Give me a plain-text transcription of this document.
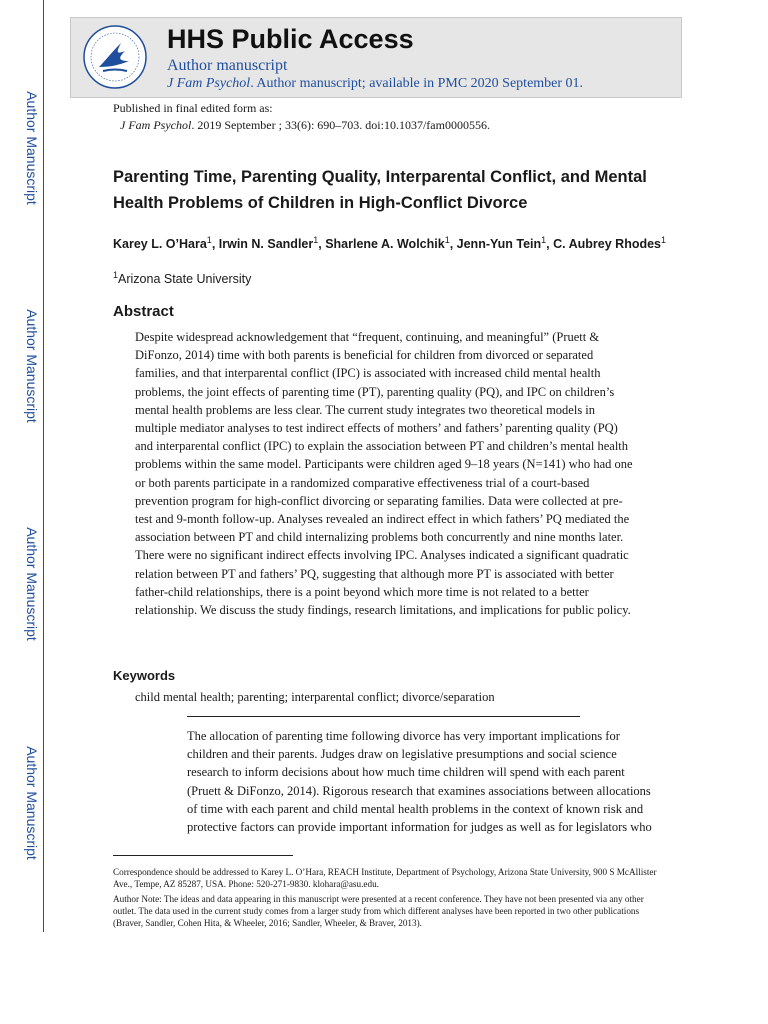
Author Manuscript
Author Manuscript
Author Manuscript
Author Manuscript
HHS Public Access
Author manuscript
J Fam Psychol. Author manuscript; available in PMC 2020 September 01.
Published in final edited form as:
J Fam Psychol. 2019 September ; 33(6): 690–703. doi:10.1037/fam0000556.
Parenting Time, Parenting Quality, Interparental Conflict, and Mental Health Problems of Children in High-Conflict Divorce
Karey L. O’Hara$^1$, Irwin N. Sandler$^1$, Sharlene A. Wolchik$^1$, Jenn-Yun Tein$^1$, C. Aubrey Rhodes$^1$
$^1$Arizona State University
Abstract
Despite widespread acknowledgement that “frequent, continuing, and meaningful” (Pruett & DiFonzo, 2014) time with both parents is beneficial for children from divorced or separated families, and that interparental conflict (IPC) is associated with increased child mental health problems, the joint effects of parenting time (PT), parenting quality (PQ), and IPC on children’s mental health problems are less clear. The current study integrates two theoretical models in multiple mediator analyses to test indirect effects of mothers’ and fathers’ parenting quality (PQ) and interparental conflict (IPC) to explain the association between PT and children’s mental health problems within the same model. Participants were children aged 9–18 years (N=141) who had one or both parents participate in a randomized comparative effectiveness trial of a court-based prevention program for high-conflict divorcing or separating families. Data were collected at pre-test and 9-month follow-up. Analyses revealed an indirect effect in which fathers’ PQ mediated the association between PT and child internalizing problems both concurrently and nine months later. There were no significant indirect effects involving IPC. Analyses indicated a significant quadratic relation between PT and fathers’ PQ, suggesting that although more PT is associated with better father-child relationships, there is a point beyond which more time is not related to a better relationship. We discuss the study findings, research limitations, and implications for public policy.
Keywords
child mental health; parenting; interparental conflict; divorce/separation
The allocation of parenting time following divorce has very important implications for children and their parents. Judges draw on legislative presumptions and social science research to inform decisions about how much time children will spend with each parent (Pruett & DiFonzo, 2014). Rigorous research that examines associations between allocations of time with each parent and child mental health problems in the context of known risk and protective factors can provide important information for judges as well as for legislators who
Correspondence should be addressed to Karey L. O’Hara, REACH Institute, Department of Psychology, Arizona State University, 900 S McAllister Ave., Tempe, AZ 85287, USA. Phone: 520-271-9830. klohara@asu.edu.
Author Note: The ideas and data appearing in this manuscript were presented at a recent conference. They have not been presented via any other outlet. The data used in the current study comes from a larger study from which different analyses have been reported in two other publications (Braver, Sandler, Cohen Hita, & Wheeler, 2016; Sandler, Wheeler, & Braver, 2013).
